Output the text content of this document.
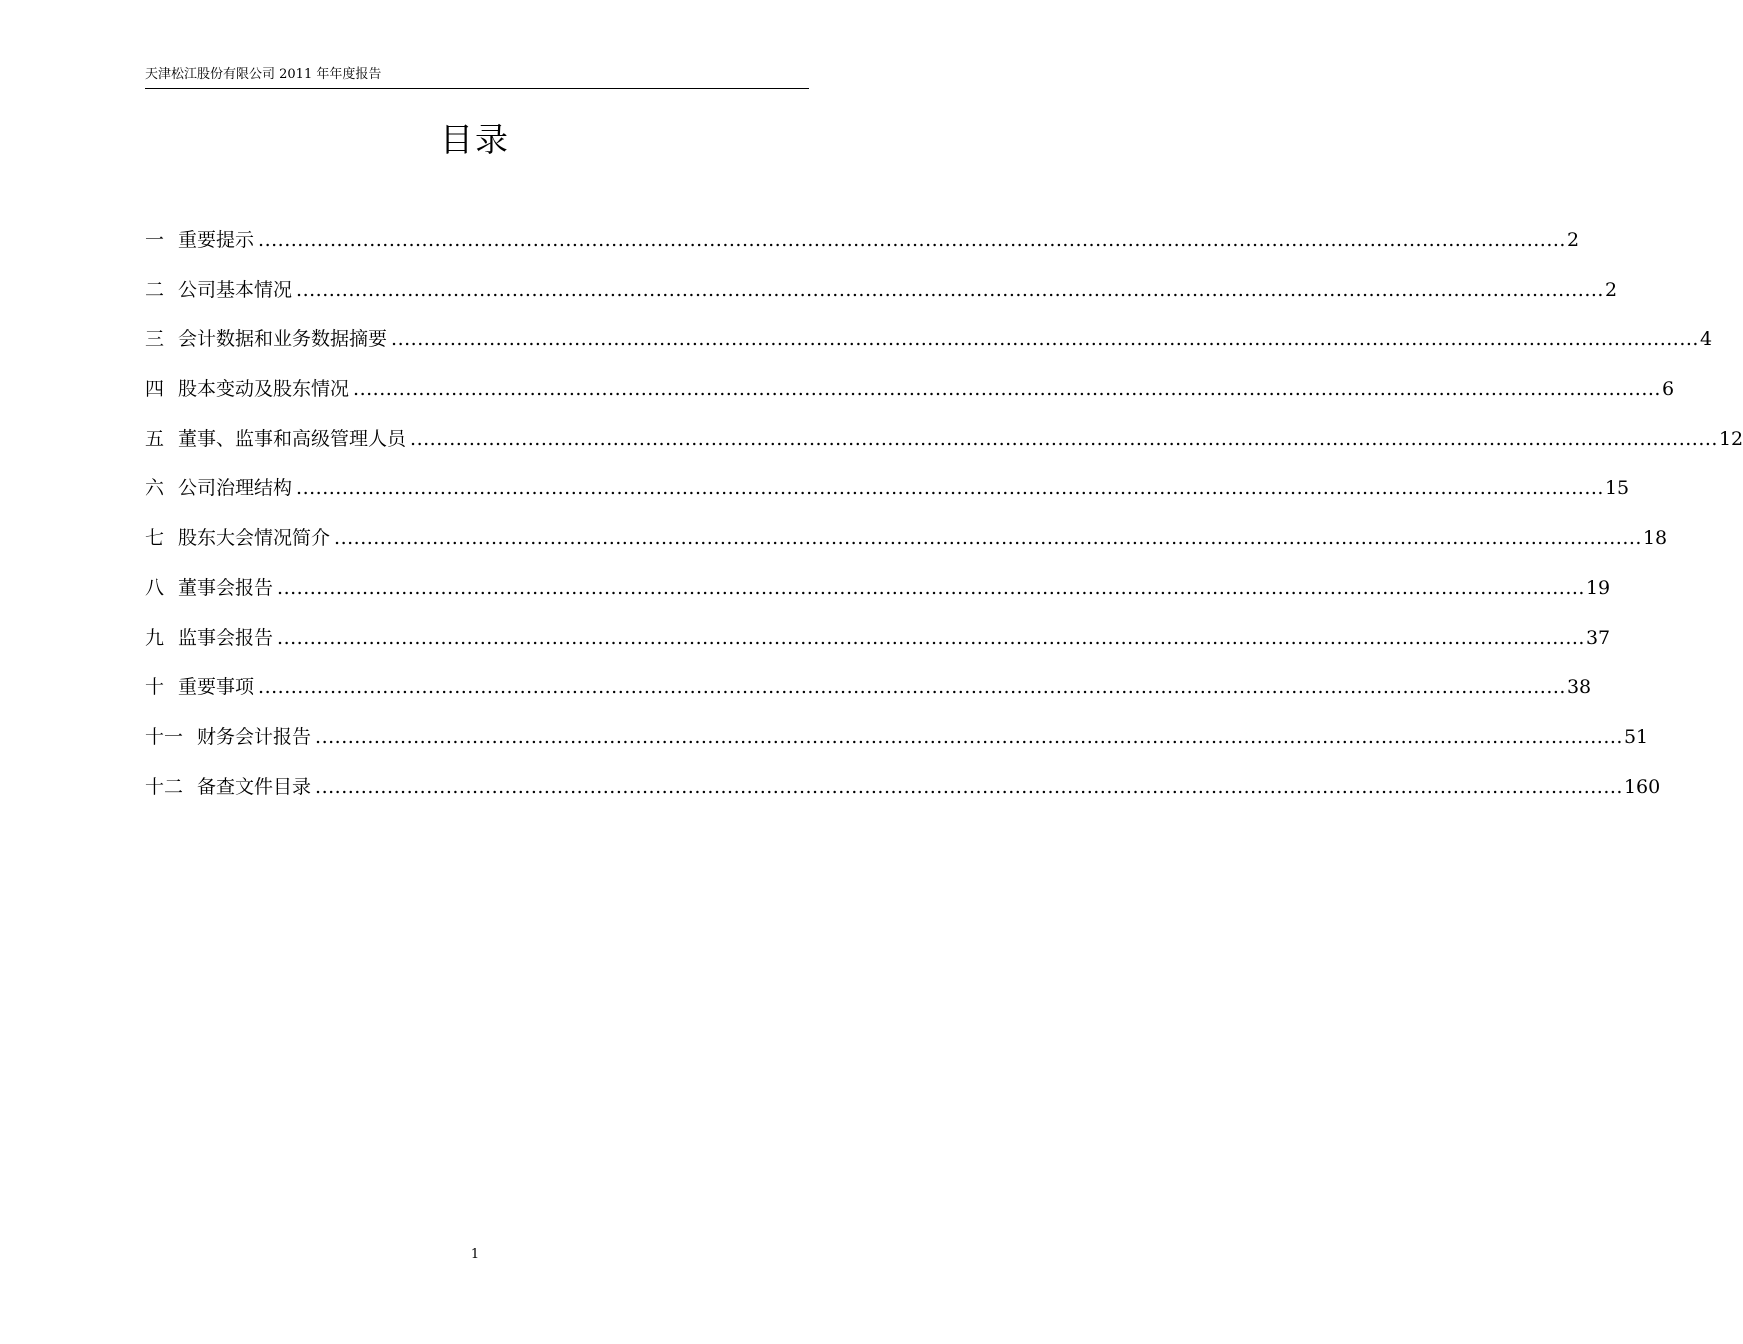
天津松江股份有限公司 2011 年年度报告
目录
一 重要提示 ........................................................................................................................................................................................................ 2
二 公司基本情况 ........................................................................................................................................................................................................ 2
三 会计数据和业务数据摘要 ........................................................................................................................................................................................................ 4
四 股本变动及股东情况 ........................................................................................................................................................................................................ 6
五 董事、监事和高级管理人员 ........................................................................................................................................................................................................ 12
六 公司治理结构 ........................................................................................................................................................................................................ 15
七 股东大会情况简介 ........................................................................................................................................................................................................ 18
八 董事会报告 ........................................................................................................................................................................................................ 19
九 监事会报告 ........................................................................................................................................................................................................ 37
十 重要事项 ........................................................................................................................................................................................................ 38
十一 财务会计报告 ........................................................................................................................................................................................................ 51
十二 备查文件目录 ........................................................................................................................................................................................................ 160
1
